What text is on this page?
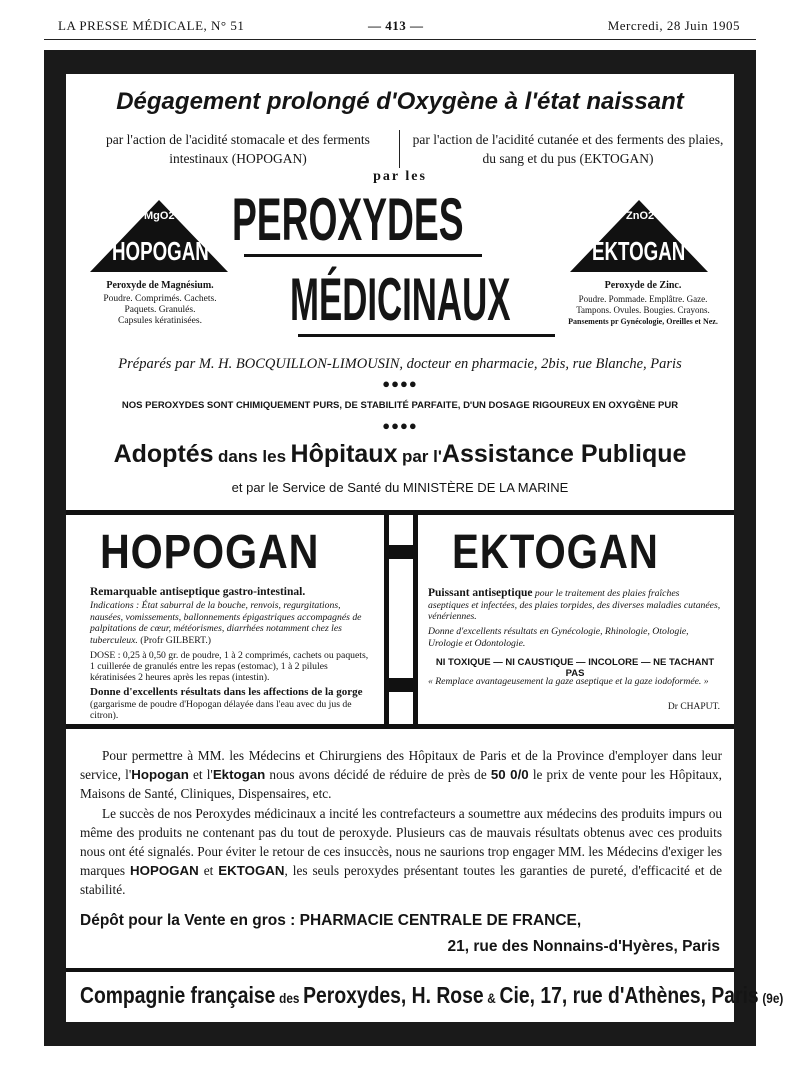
LA PRESSE MÉDICALE, N° 51	— 413 —	Mercredi, 28 Juin 1905
Dégagement prolongé d'Oxygène à l'état naissant
par l'action de l'acidité stomacale et des ferments intestinaux (HOPOGAN)
par l'action de l'acidité cutanée et des ferments des plaies, du sang et du pus (EKTOGAN)
par les
PEROXYDES
MÉDICINAUX
MgO2
HOPOGAN
Peroxyde de Magnésium.
Poudre. Comprimés. Cachets.
Paquets. Granulés.
Capsules kératinisées.
ZnO2
EKTOGAN
Peroxyde de Zinc.
Poudre. Pommade. Emplâtre. Gaze.
Tampons. Ovules. Bougies. Crayons.
Pansements pr Gynécologie, Oreilles et Nez.
Préparés par M. H. BOCQUILLON-LIMOUSIN, docteur en pharmacie, 2bis, rue Blanche, Paris
●●●●
NOS PEROXYDES SONT CHIMIQUEMENT PURS, DE STABILITÉ PARFAITE, D'UN DOSAGE RIGOUREUX EN OXYGÈNE PUR
●●●●
Adoptés dans les Hôpitaux par l'Assistance Publique
et par le Service de Santé du MINISTÈRE DE LA MARINE
HOPOGAN
Remarquable antiseptique gastro-intestinal.
Indications : État saburral de la bouche, renvois, regurgitations, nausées, vomissements, ballonnements épigastriques accompagnés de palpitations de cœur, météorismes, diarrhées notamment chez les tuberculeux. (Profr GILBERT.)
DOSE : 0,25 à 0,50 gr. de poudre, 1 à 2 comprimés, cachets ou paquets, 1 cuillerée de granulés entre les repas (estomac), 1 à 2 pilules kératinisées 2 heures après les repas (intestin).
Donne d'excellents résultats dans les affections de la gorge
(gargarisme de poudre d'Hopogan délayée dans l'eau avec du jus de citron).
EKTOGAN
Puissant antiseptique pour le traitement des plaies fraîches aseptiques et infectées, des plaies torpides, des diverses maladies cutanées, vénériennes.
Donne d'excellents résultats en Gynécologie, Rhinologie, Otologie, Urologie et Odontologie.
NI TOXIQUE — NI CAUSTIQUE — INCOLORE — NE TACHANT PAS
« Remplace avantageusement la gaze aseptique et la gaze iodoformée. »
Dr CHAPUT.
Pour permettre à MM. les Médecins et Chirurgiens des Hôpitaux de Paris et de la Province d'employer dans leur service, l'Hopogan et l'Ektogan nous avons décidé de réduire de près de 50 0/0 le prix de vente pour les Hôpitaux, Maisons de Santé, Cliniques, Dispensaires, etc.
Le succès de nos Peroxydes médicinaux a incité les contrefacteurs a soumettre aux médecins des produits impurs ou même des produits ne contenant pas du tout de peroxyde. Plusieurs cas de mauvais résultats obtenus avec ces produits nous ont été signalés. Pour éviter le retour de ces insuccès, nous ne saurions trop engager MM. les Médecins d'exiger les marques HOPOGAN et EKTOGAN, les seuls peroxydes présentant toutes les garanties de pureté, d'efficacité et de stabilité.
Dépôt pour la Vente en gros : PHARMACIE CENTRALE DE FRANCE,
21, rue des Nonnains-d'Hyères, Paris
Compagnie française des Peroxydes, H. Rose & Cie, 17, rue d'Athènes, Paris (9e)
